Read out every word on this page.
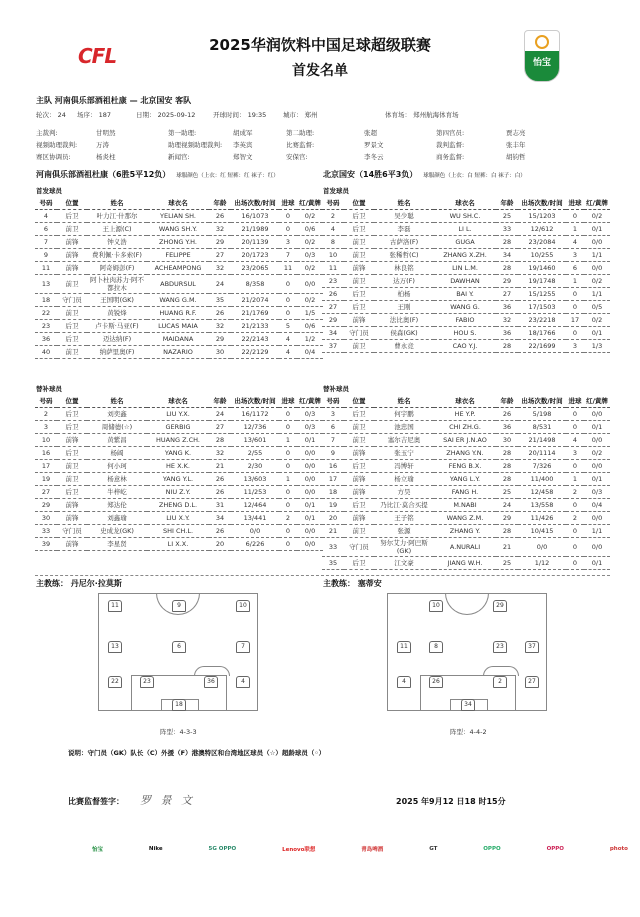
2025华润饮料中国足球超级联赛
首发名单
CFL	怡宝
主队 河南俱乐部酒祖杜康 — 北京国安 客队
轮次： 24 场序： 187	日期： 2025-09-12	开球时间： 19:35	城市： 郑州	体育场： 郑州航海体育场
主裁判:	甘明然	第一助理:	胡成军	第二助理:	张超	第四官员:	贾志亮
视频助理裁判:	万涛	助理视频助理裁判: 李英宾	比赛监督:	罗景文	裁判监督:	张丰年
赛区协调员:	杨炎柱	新闻官:	郑智文	安保官:	李冬云	商务监督:	胡钧哲
河南俱乐部酒祖杜康（6胜5平12负） 球服颜色（上衣：红 短裤：红 袜子：红）	北京国安（14胜6平3负） 球服颜色（上衣：白 短裤：白 袜子：白）
首发球员	首发球员
替补球员	替补球员
号码	位置	姓名	球衣名	年龄	出场次数/时间	进球	红/黄牌
4	后卫	叶力江·什那尔	YELIAN SH.	26	16/1073	0	0/2
6	前卫	王上源(C)	WANG SH.Y.	32	21/1989	0	0/6
7	前锋	钟义浩	ZHONG Y.H.	29	20/1139	3	0/2
9	前锋	费利佩·卡多索(F)	FELIPPE	27	20/1723	7	0/3
11	前锋	阿奇姆彭(F)	ACHEAMPONG	32	23/2065	11	0/2
13	前卫	阿卜杜肉苏力·阿不都拉木	ABDURSUL	24	8/358	0	0/0
18	守门员	王国明(GK)	WANG G.M.	35	21/2074	0	0/2
22	前卫	黄锐烽	HUANG R.F.	26	21/1769	0	1/5
23	后卫	卢卡斯·马亚(F)	LUCAS MAIA	32	21/2133	5	0/6
36	后卫	迈达纳(F)	MAIDANA	29	22/2143	4	1/2
40	前卫	纳萨里奥(F)	NAZARIO	30	22/2129	4	0/4
号码	位置	姓名	球衣名	年龄	出场次数/时间	进球	红/黄牌
2	后卫	吴少聪	WU SH.C.	25	15/1203	0	0/2
4	后卫	李磊	LI L.	33	12/612	1	0/1
8	前卫	古萨洛(F)	GUGA	28	23/2084	4	0/0
10	前卫	张稀哲(C)	ZHANG X.ZH.	34	10/255	3	1/1
11	前锋	林良铭	LIN L.M.	28	19/1460	6	0/0
23	前卫	达万(F)	DAWHAN	29	19/1748	1	0/2
26	后卫	柏杨	BAI Y.	27	15/1255	0	1/1
27	后卫	王刚	WANG G.	36	17/1503	0	0/5
29	前锋	法比奥(F)	FABIO	32	23/2218	17	0/2
34	守门员	侯森(GK)	HOU S.	36	18/1766	0	0/1
37	前卫	曹永竞	CAO Y.J.	28	22/1699	3	1/3
号码	位置	姓名	球衣名	年龄	出场次数/时间	进球	红/黄牌
2	后卫	刘奕鑫	LIU Y.X.	24	16/1172	0	0/3
3	后卫	周储德(☆)	GERBIG	27	12/736	0	0/3
10	前锋	黄紫昌	HUANG Z.CH.	28	13/601	1	0/1
16	后卫	杨阔	YANG K.	32	2/55	0	0/0
17	前卫	何小珂	HE X.K.	21	2/30	0	0/0
19	前卫	杨意林	YANG Y.L.	26	13/603	1	0/0
27	后卫	牛梓屹	NIU Z.Y.	26	11/253	0	0/0
29	前锋	郑达伦	ZHENG D.L.	31	12/464	0	0/1
30	前锋	刘鑫瑜	LIU X.Y.	34	13/441	2	0/1
33	守门员	史成龙(GK)	SHI CH.L.	26	0/0	0	0/0
39	前锋	李星贤	LI X.X.	20	6/226	0	0/0
号码	位置	姓名	球衣名	年龄	出场次数/时间	进球	红/黄牌
3	后卫	何宇鹏	HE Y.P.	26	5/198	0	0/0
6	前卫	池忠国	CHI ZH.G.	36	8/531	0	0/1
7	前卫	塞尔吉尼奥	SAI ER J.N.AO	30	21/1498	4	0/0
9	前锋	张玉宁	ZHANG Y.N.	28	20/1114	3	0/2
16	后卫	冯博轩	FENG B.X.	28	7/326	0	0/0
17	前锋	杨立瑜	YANG L.Y.	28	11/400	1	0/1
18	前锋	方昊	FANG H.	25	12/458	2	0/3
19	后卫	乃比江·莫合买提	M.NABI	24	13/558	0	0/4
20	前锋	王子铭	WANG Z.M.	29	11/426	2	0/0
21	前卫	张源	ZHANG Y.	28	10/415	0	1/1
33	守门员	努尔艾力·阿巴斯(GK)	A.NURALI	21	0/0	0	0/0
35	后卫	江文豪	JIANG W.H.	25	1/12	0	0/1
主教练： 丹尼尔·拉莫斯	主教练： 塞蒂安
11	9	10
13	6	7
22	23	36	4
18
10	29
11	8	23	37
4	26	2	27
34
阵型：4-3-3	阵型：4-4-2
说明：守门员（GK）队长（C）外援（F）港澳特区和台湾地区球员（☆）超龄球员（◦）
比赛监督签字： 罗 景 文	2025 年9月12 日18 时15分
怡宝	Nike	5G OPPO	Lenovo联想	青岛啤酒	GT	OPPO	OPPO	photo
